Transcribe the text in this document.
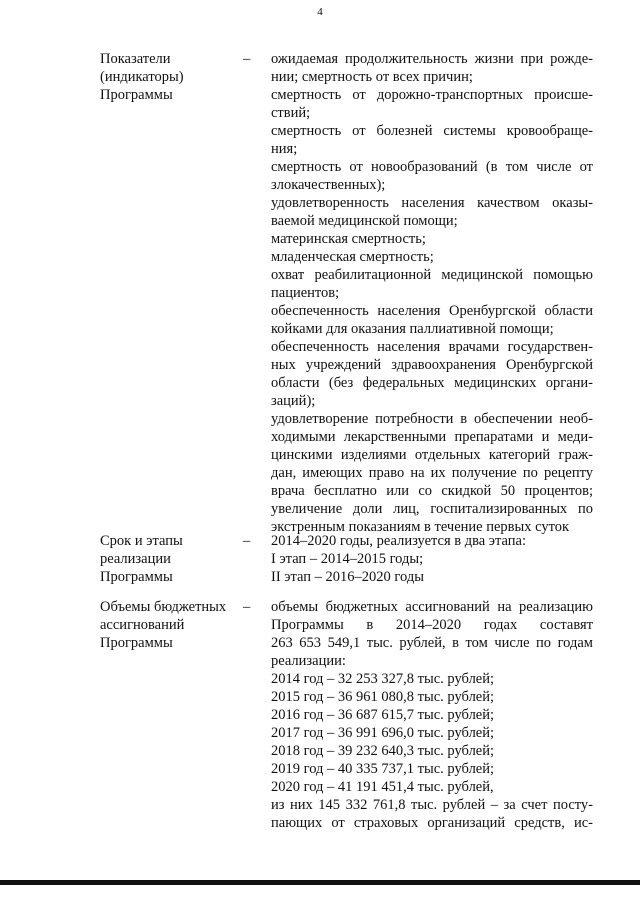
4
Показатели
(индикаторы)
Программы
– ожидаемая продолжительность жизни при рожде-
нии; смертность от всех причин;
смертность от дорожно-транспортных происше-
ствий;
смертность от болезней системы кровообраще-
ния;
смертность от новообразований (в том числе от
злокачественных);
удовлетворенность населения качеством оказы-
ваемой медицинской помощи;
материнская смертность;
младенческая смертность;
охват реабилитационной медицинской помощью
пациентов;
обеспеченность населения Оренбургской области
койками для оказания паллиативной помощи;
обеспеченность населения врачами государствен-
ных учреждений здравоохранения Оренбургской
области (без федеральных медицинских органи-
заций);
удовлетворение потребности в обеспечении необ-
ходимыми лекарственными препаратами и меди-
цинскими изделиями отдельных категорий граж-
дан, имеющих право на их получение по рецепту
врача бесплатно или со скидкой 50 процентов;
увеличение доли лиц, госпитализированных по
экстренным показаниям в течение первых суток
Срок и этапы
реализации
Программы
– 2014–2020 годы, реализуется в два этапа:
I этап – 2014–2015 годы;
II этап – 2016–2020 годы
Объемы бюджетных
ассигнований
Программы
– объемы бюджетных ассигнований на реализацию
Программы в 2014–2020 годах составят
263 653 549,1 тыс. рублей, в том числе по годам
реализации:
2014 год – 32 253 327,8 тыс. рублей;
2015 год – 36 961 080,8 тыс. рублей;
2016 год – 36 687 615,7 тыс. рублей;
2017 год – 36 991 696,0 тыс. рублей;
2018 год – 39 232 640,3 тыс. рублей;
2019 год – 40 335 737,1 тыс. рублей;
2020 год – 41 191 451,4 тыс. рублей,
из них 145 332 761,8 тыс. рублей – за счет посту-
пающих от страховых организаций средств, ис-
